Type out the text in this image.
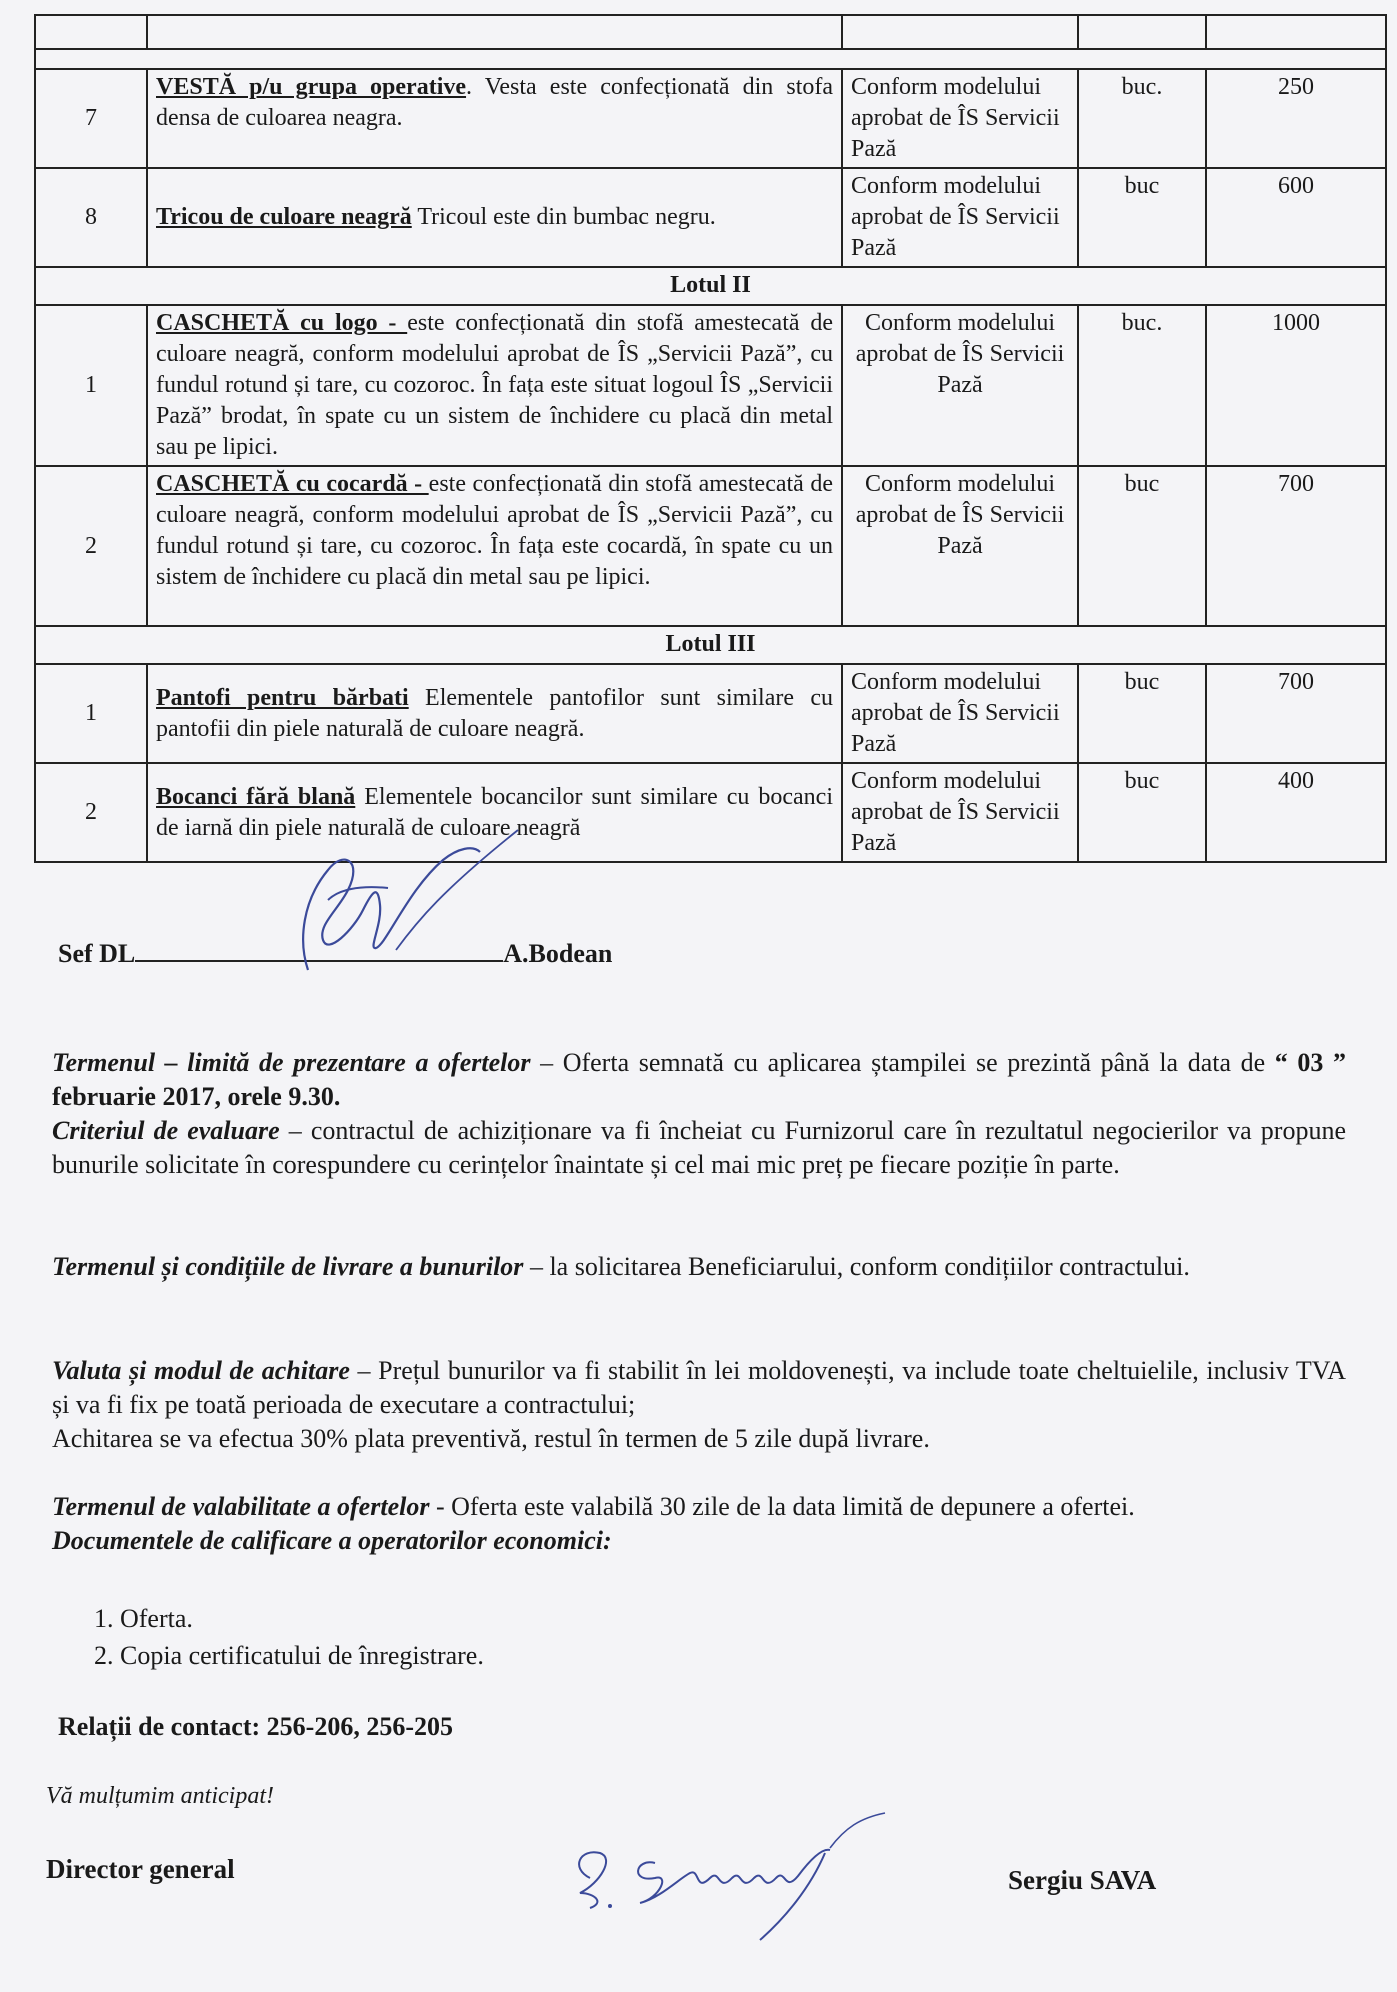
7	VESTĂ p/u grupa operative. Vesta este confecționată din stofa densa de culoarea neagra.	Conform modelului aprobat de ÎS Servicii Pază	buc.	250
8	Tricou de culoare neagră Tricoul este din bumbac negru.	Conform modelului aprobat de ÎS Servicii Pază	buc	600
Lotul II				
1	CASCHETĂ cu logo - este confecționată din stofă amestecată de culoare neagră, conform modelului aprobat de ÎS „Servicii Pază”, cu fundul rotund și tare, cu cozoroc. În fața este situat logoul ÎS „Servicii Pază” brodat, în spate cu un sistem de închidere cu placă din metal sau pe lipici.	Conform modelului aprobat de ÎS Servicii Pază	buc.	1000
2	CASCHETĂ cu cocardă - este confecționată din stofă amestecată de culoare neagră, conform modelului aprobat de ÎS „Servicii Pază”, cu fundul rotund și tare, cu cozoroc. În fața este cocardă, în spate cu un sistem de închidere cu placă din metal sau pe lipici.	Conform modelului aprobat de ÎS Servicii Pază	buc	700
Lotul III				
1	Pantofi pentru bărbati Elementele pantofilor sunt similare cu pantofii din piele naturală de culoare neagră.	Conform modelului aprobat de ÎS Servicii Pază	buc	700
2	Bocanci fără blană Elementele bocancilor sunt similare cu bocanci de iarnă din piele naturală de culoare neagră	Conform modelului aprobat de ÎS Servicii Pază	buc	400
Sef DL	A.Bodean
Termenul – limită de prezentare a ofertelor – Oferta semnată cu aplicarea ștampilei se prezintă până la data de “ 03 ” februarie 2017, orele 9.30.
Criteriul de evaluare – contractul de achiziționare va fi încheiat cu Furnizorul care în rezultatul negocierilor va propune bunurile solicitate în corespundere cu cerințelor înaintate și cel mai mic preț pe fiecare poziție în parte.
Termenul și condițiile de livrare a bunurilor – la solicitarea Beneficiarului, conform condițiilor contractului.
Valuta și modul de achitare – Prețul bunurilor va fi stabilit în lei moldovenești, va include toate cheltuielile, inclusiv TVA și va fi fix pe toată perioada de executare a contractului;
Achitarea se va efectua 30% plata preventivă, restul în termen de 5 zile după livrare.
Termenul de valabilitate a ofertelor - Oferta este valabilă 30 zile de la data limită de depunere a ofertei.
Documentele de calificare a operatorilor economici:
1. Oferta.
2. Copia certificatului de înregistrare.
Relații de contact: 256-206, 256-205
Vă mulțumim anticipat!
Director general	Sergiu SAVA
